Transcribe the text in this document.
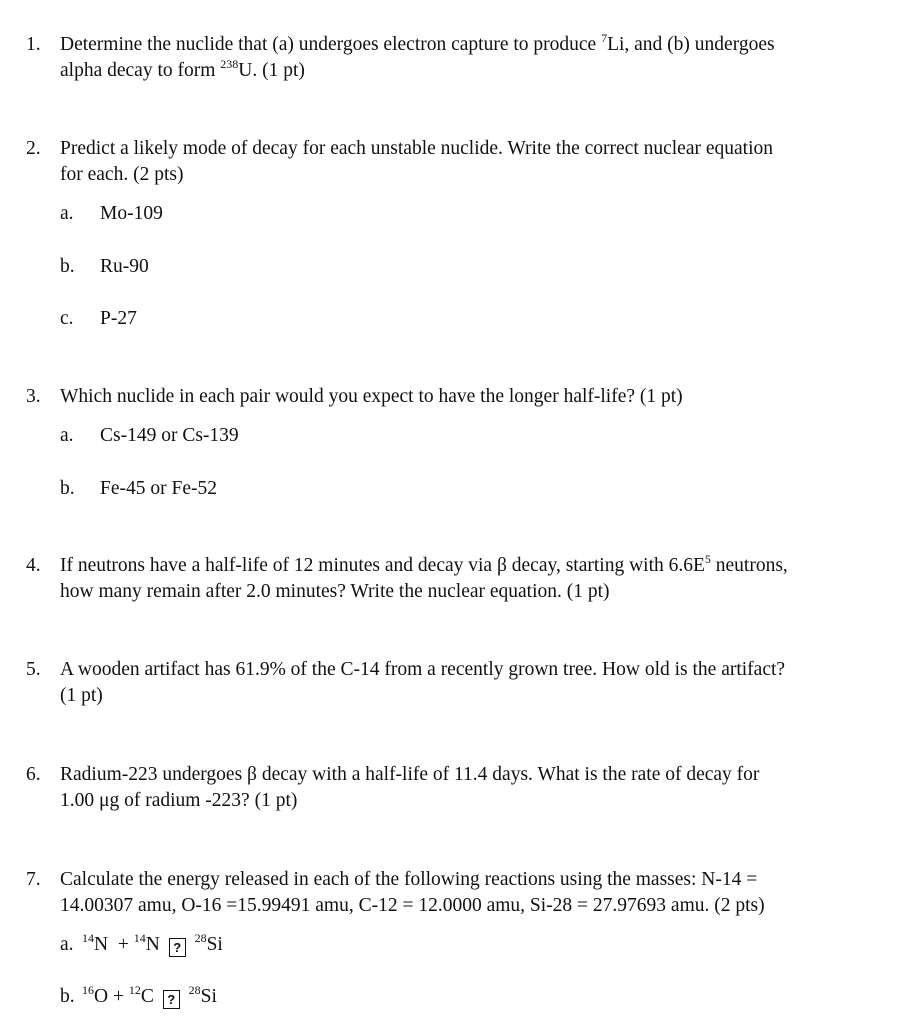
1. Determine the nuclide that (a) undergoes electron capture to produce $^7$Li, and (b) undergoes
alpha decay to form $^{238}$U. (1 pt)
2. Predict a likely mode of decay for each unstable nuclide. Write the correct nuclear equation
for each. (2 pts)
a. Mo-109
b. Ru-90
c. P-27
3. Which nuclide in each pair would you expect to have the longer half-life? (1 pt)
a. Cs-149 or Cs-139
b. Fe-45 or Fe-52
4. If neutrons have a half-life of 12 minutes and decay via β decay, starting with $6.6E^5$ neutrons,
how many remain after 2.0 minutes? Write the nuclear equation. (1 pt)
5. A wooden artifact has 61.9% of the C-14 from a recently grown tree. How old is the artifact?
(1 pt)
6. Radium-223 undergoes β decay with a half-life of 11.4 days. What is the rate of decay for
1.00 μg of radium -223? (1 pt)
7. Calculate the energy released in each of the following reactions using the masses: N-14 =
14.00307 amu, O-16 =15.99491 amu, C-12 = 12.0000 amu, Si-28 = 27.97693 amu. (2 pts)
a. $^{14}$N + $^{14}$N ? $^{28}$Si
b. $^{16}$O + $^{12}$C ? $^{28}$Si
